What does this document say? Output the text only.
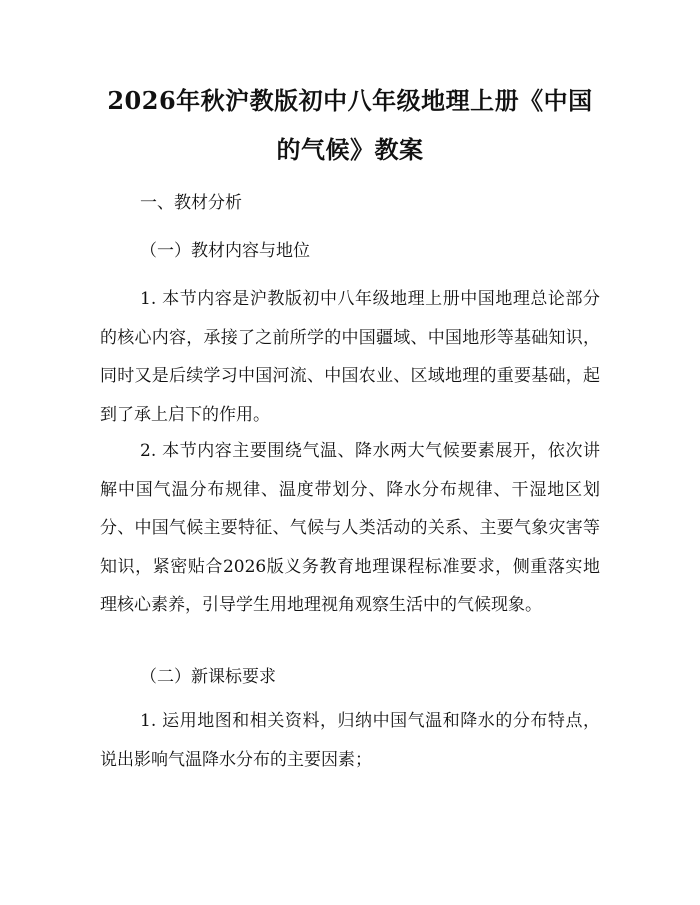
2026年秋沪教版初中八年级地理上册《中国
的气候》教案
一、教材分析
（一）教材内容与地位

1. 本节内容是沪教版初中八年级地理上册中国地理总论部分的核心内容，承接了之前所学的中国疆域、中国地形等基础知识，同时又是后续学习中国河流、中国农业、区域地理的重要基础，起到了承上启下的作用。

2. 本节内容主要围绕气温、降水两大气候要素展开，依次讲解中国气温分布规律、温度带划分、降水分布规律、干湿地区划分、中国气候主要特征、气候与人类活动的关系、主要气象灾害等知识，紧密贴合2026版义务教育地理课程标准要求，侧重落实地理核心素养，引导学生用地理视角观察生活中的气候现象。

（二）新课标要求

1. 运用地图和相关资料，归纳中国气温和降水的分布特点，说出影响气温降水分布的主要因素；
